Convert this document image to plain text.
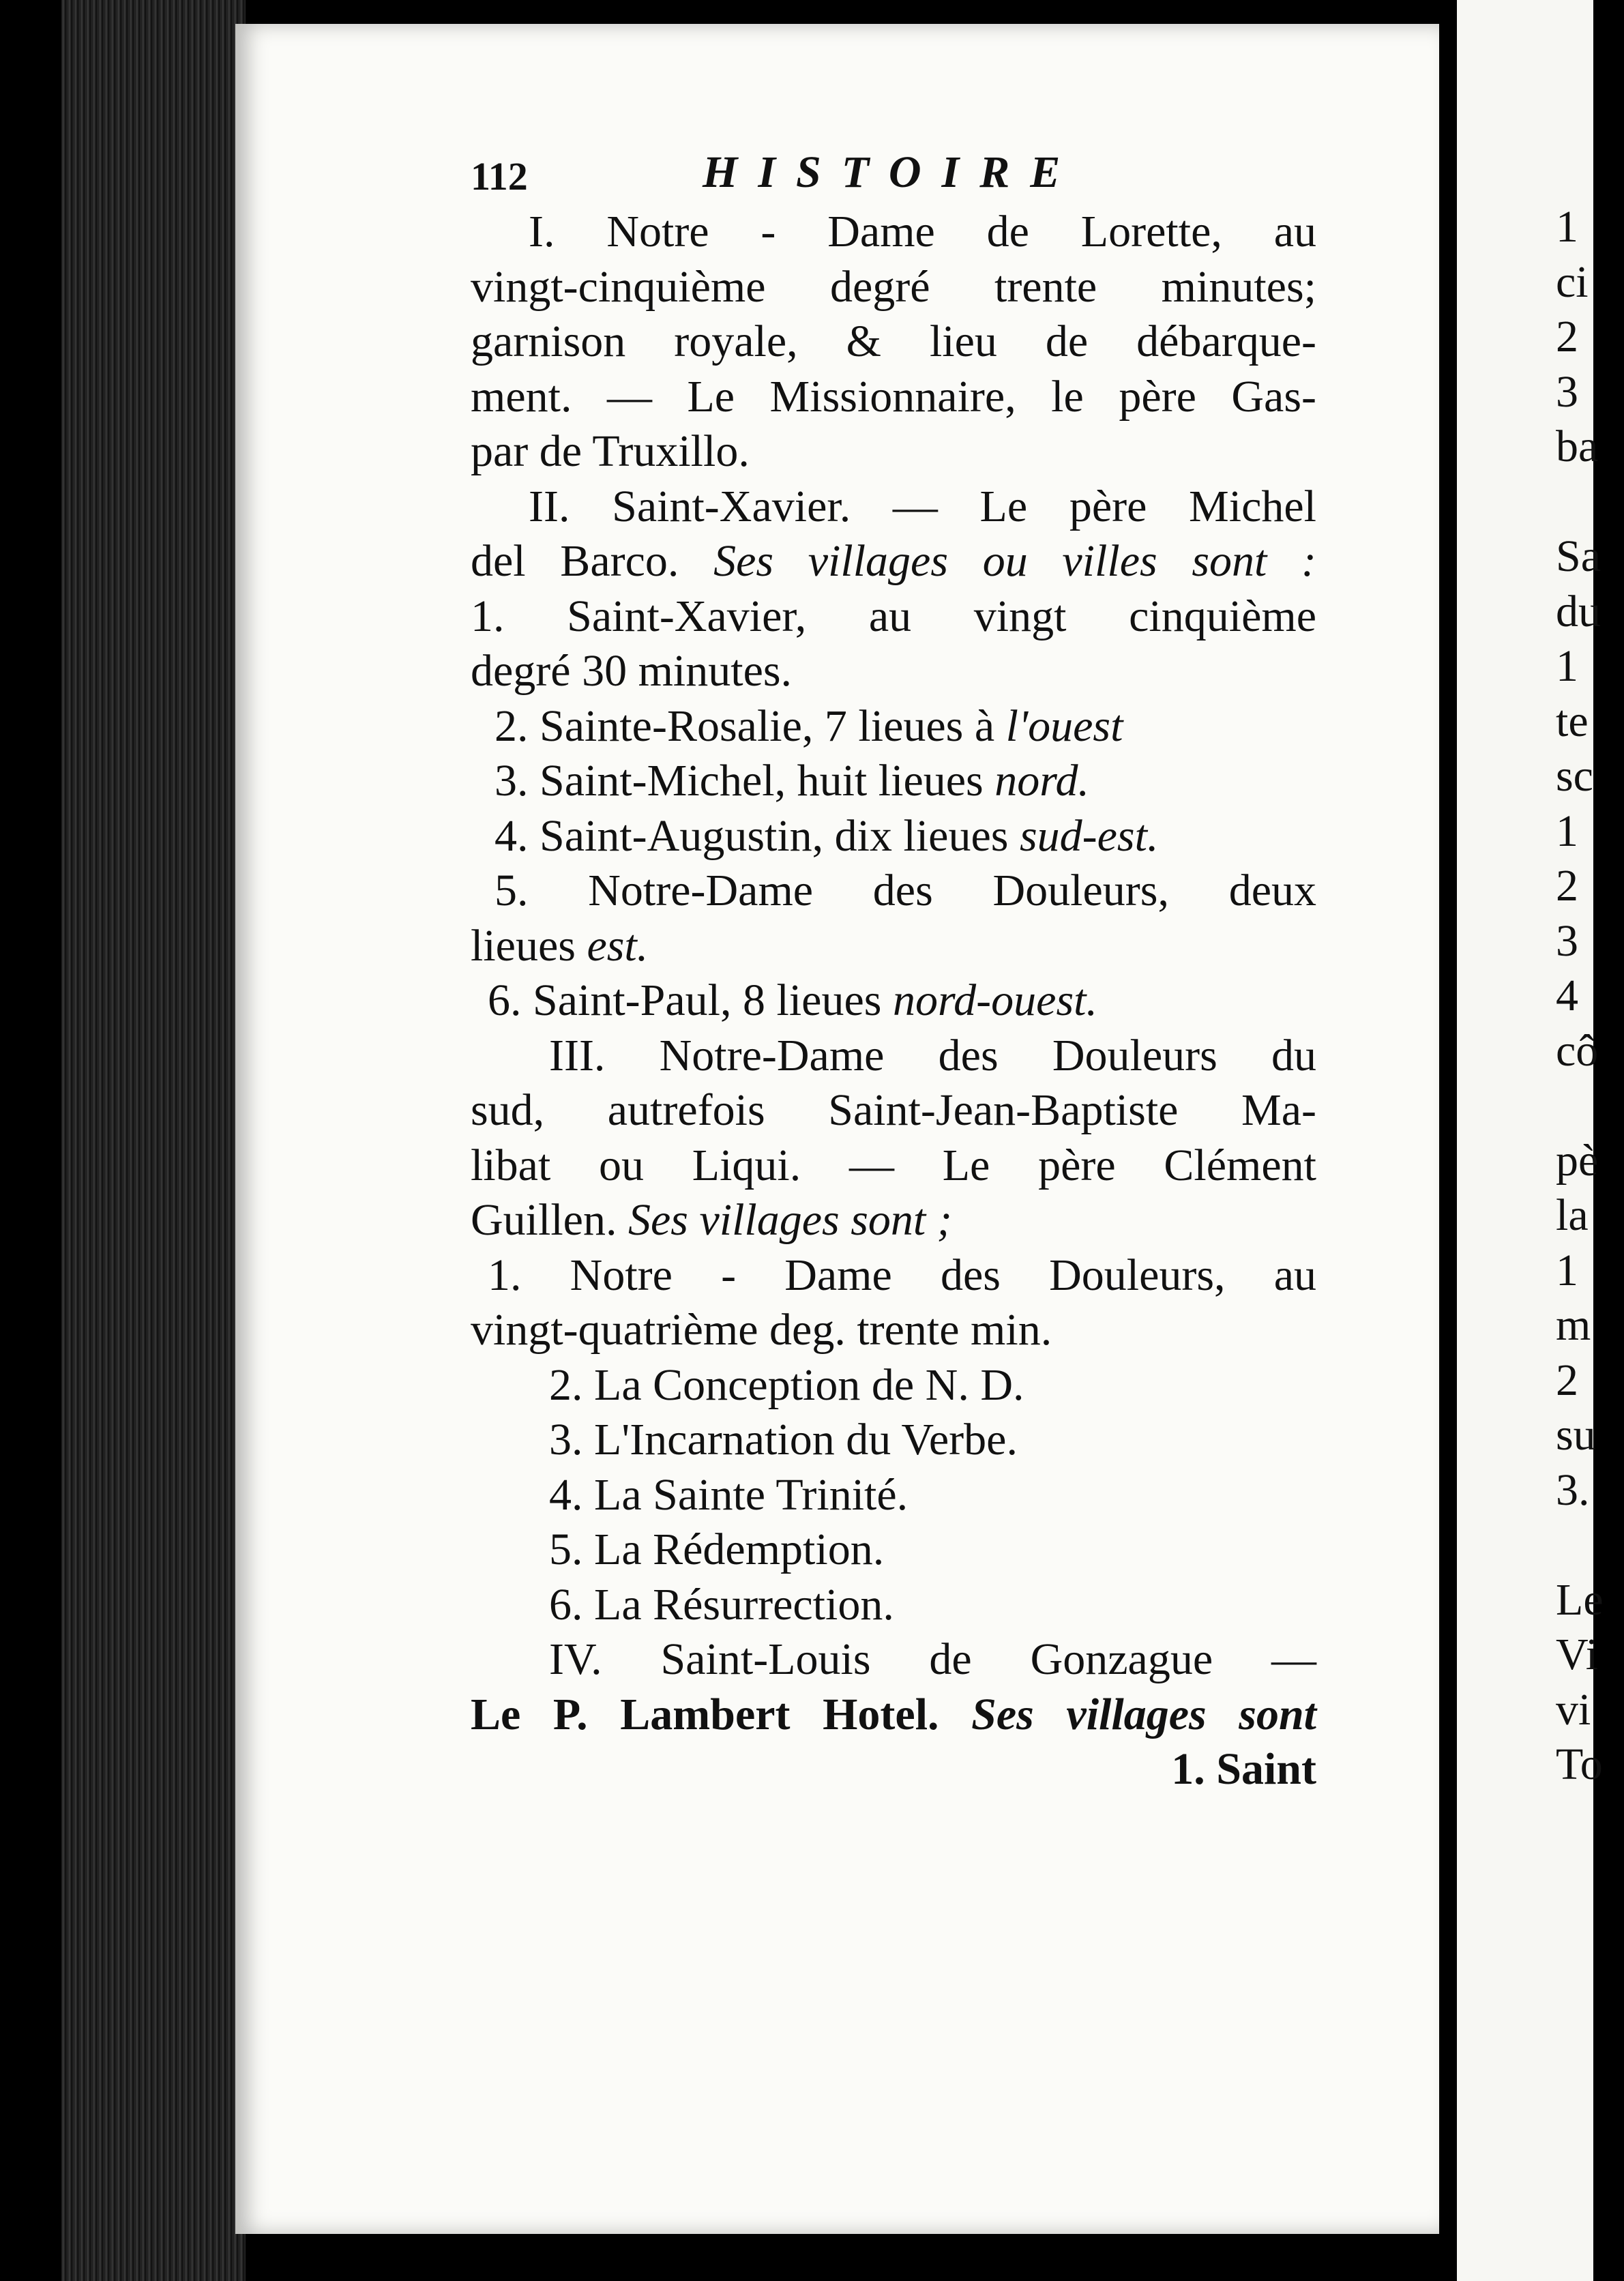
112	HISTOIRE
I. Notre - Dame de Lorette, au
vingt-cinquième degré trente minutes;
garnison royale, & lieu de débarque-
ment. — Le Missionnaire, le père Gas-
par de Truxillo.
II. Saint-Xavier. — Le père Michel
del Barco. Ses villages ou villes sont :
1. Saint-Xavier, au vingt cinquième
degré 30 minutes.
2. Sainte-Rosalie, 7 lieues à l'ouest
3. Saint-Michel, huit lieues nord.
4. Saint-Augustin, dix lieues sud-est.
5. Notre-Dame des Douleurs, deux
lieues est.
6. Saint-Paul, 8 lieues nord-ouest.
III. Notre-Dame des Douleurs du
sud, autrefois Saint-Jean-Baptiste Ma-
libat ou Liqui. — Le père Clément
Guillen. Ses villages sont ;
1. Notre - Dame des Douleurs, au
vingt-quatrième deg. trente min.
2. La Conception de N. D.
3. L'Incarnation du Verbe.
4. La Sainte Trinité.
5. La Rédemption.
6. La Résurrection.
IV. Saint-Louis de Gonzague —
Le P. Lambert Hotel. Ses villages sont
1. Saint
1
ci
2
3
ba
Sa
du
1
te
sc
1
2
3
4
cô
pè
la
1
m
2
su
3.
Le
Vi
vi
To
